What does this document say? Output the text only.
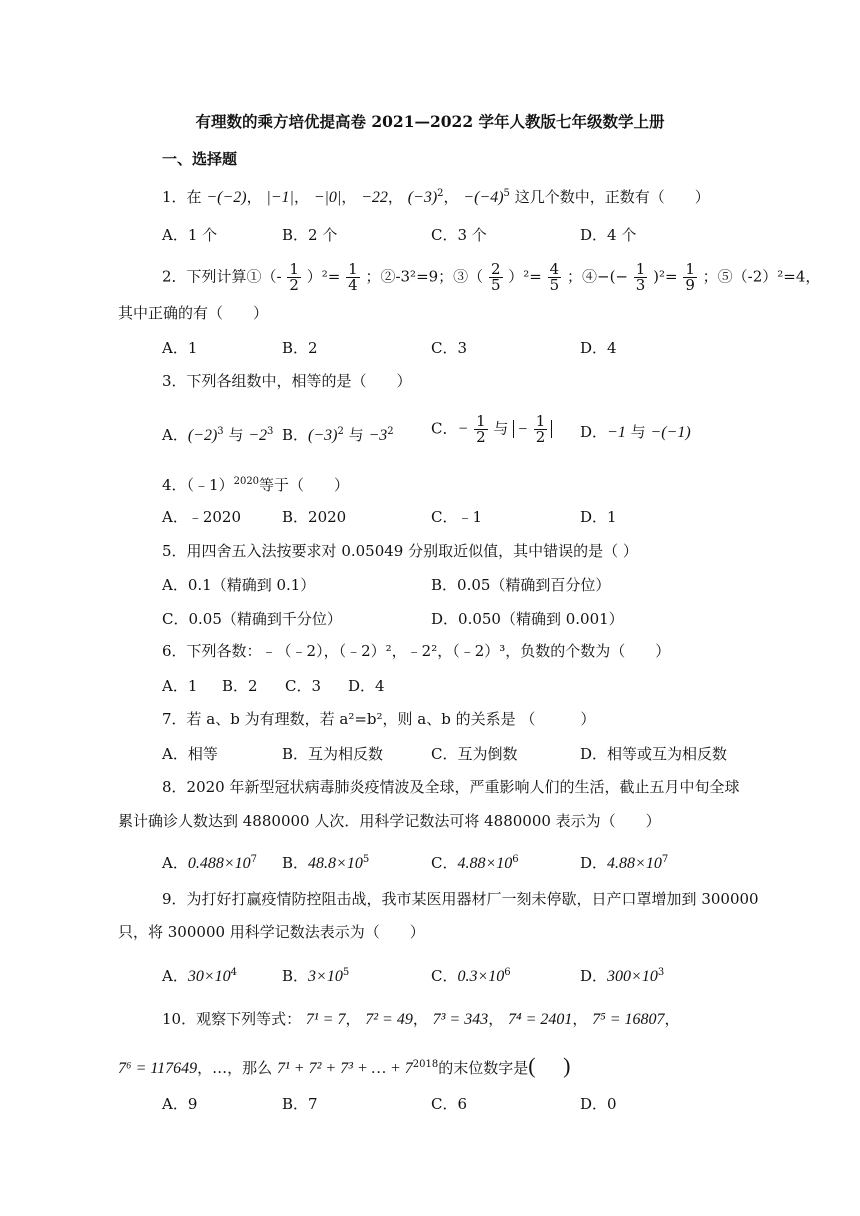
有理数的乘方培优提高卷 2021—2022 学年人教版七年级数学上册
一、选择题
1．在 −(−2)， |−1|， −|0|， −22， $(-3)^2$， $-(-4)^5$ 这几个数中，正数有（　　）
A．1 个	B．2 个	C．3 个	D．4 个
2．下列计算①（- $\frac{1}{2} )^2= \frac{1}{4}$ ；②-3²=9；③（ $\frac{2}{5} )^2= \frac{4}{5}$ ；④−(− $\frac{1}{3} )^2= \frac{1}{9}$ ；⑤（-2）²=4，
其中正确的有（　　）
A．1	B．2	C．3	D．4
3．下列各组数中，相等的是（　　）
A．$(-2)^3$ 与 $-2^3$ B．$(-3)^2$ 与 $-3^2$ C．− $\frac{1}{2}$ 与 − $\frac{1}{2}$ D．−1 与 −(−1)
4．（﹣1）$^{2020}$等于（　　）
A．﹣2020	B．2020	C．﹣1	D．1
5．用四舍五入法按要求对 0.05049 分别取近似值，其中错误的是（ ）
A．0.1（精确到 0.1）	B．0.05（精确到百分位）
C．0.05（精确到千分位）	D．0.050（精确到 0.001）
6．下列各数：﹣（﹣2），（﹣2）²，﹣2²，（﹣2）³，负数的个数为（　　）
A．1 B．2 C．3 D．4
7．若 a、b 为有理数，若 a²=b²，则 a、b 的关系是 （　　　）
A．相等	B．互为相反数	C．互为倒数	D．相等或互为相反数
8．2020 年新型冠状病毒肺炎疫情波及全球，严重影响人们的生活，截止五月中旬全球
累计确诊人数达到 4880000 人次．用科学记数法可将 4880000 表示为（　　）
A．$0.488\times 10^7$ B．$48.8\times 10^5$	C．$4.88\times 10^6$	D．$4.88\times 10^7$
9．为打好打赢疫情防控阻击战，我市某医用器材厂一刻未停歇，日产口罩增加到 300000
只，将 300000 用科学记数法表示为（　　）
A．$30\times 10^4$	B．$3\times 10^5$	C．$0.3\times 10^6$	D．$300\times 10^3$
10．观察下列等式： 7¹ = 7， 7² = 49， 7³ = 343， 7⁴ = 2401， 7⁵ = 16807，
7⁶ = 117649，…，那么 7¹ + 7² + 7³ + … + $7^{2018}$的末位数字是(　 )
A．9	B．7	C．6	D．0
